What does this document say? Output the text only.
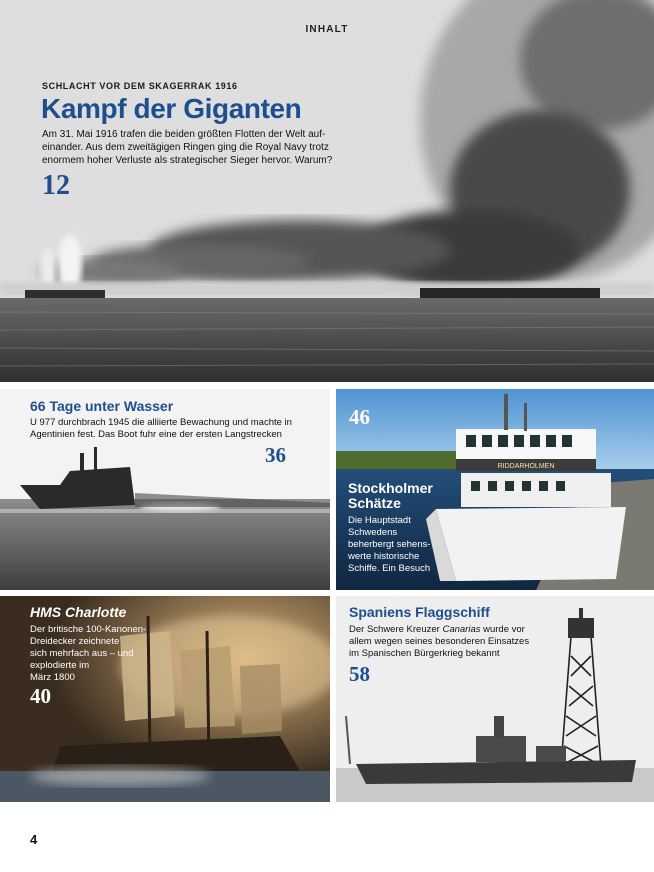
SCHLACHT VOR DEM SKAGERRAK 1916
Kampf der Giganten
Am 31. Mai 1916 trafen die beiden größten Flotten der Welt aufeinander. Aus dem zweitägigen Ringen ging die Royal Navy trotz enormem hoher Verluste als strategischer Sieger hervor. Warum?
12
INHALT
66 Tage unter Wasser
U 977 durchbrach 1945 die alliierte Bewachung und machte in Agentinien fest. Das Boot fuhr eine der ersten Langstrecken
36	RIDDARHOLMEN
46
Stockholmer
Schätze
Die Hauptstadt
Schwedens
beherbergt sehens-
werte historische
Schiffe. Ein Besuch
HMS Charlotte
Der britische 100-Kanonen-
Dreidecker zeichnete
sich mehrfach aus – und
explodierte im
März 1800
40
Spaniens Flaggschiff
Der Schwere Kreuzer Canarias wurde vor
allem wegen seines besonderen Einsatzes
im Spanischen Bürgerkrieg bekannt
58
4
